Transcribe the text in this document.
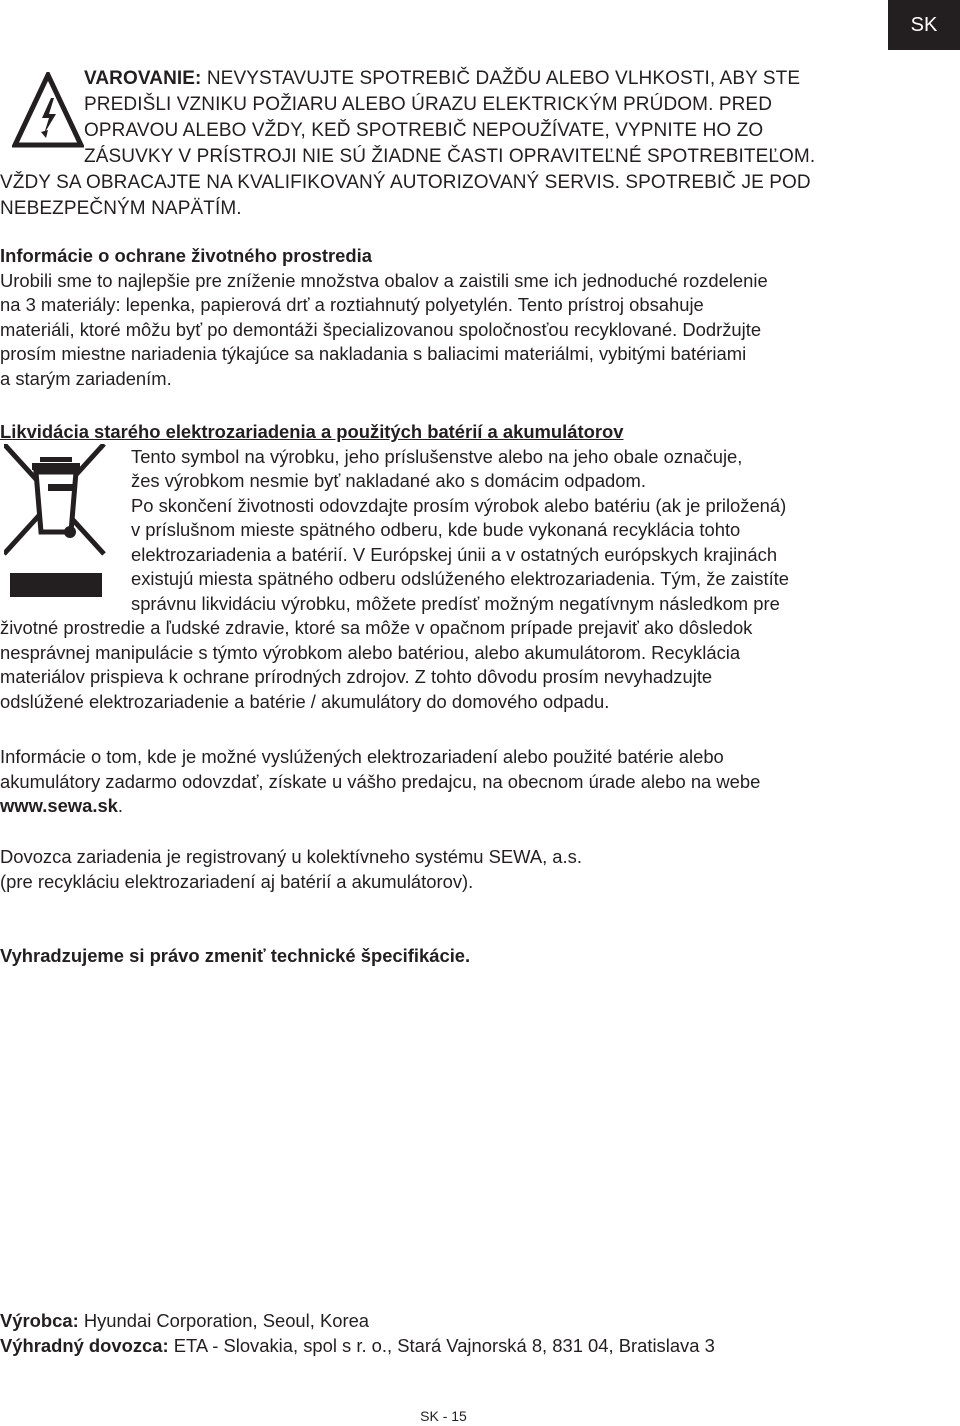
SK
VAROVANIE: NEVYSTAVUJTE SPOTREBIČ DAŽĎU ALEBO VLHKOSTI, ABY STE
PREDIŠLI VZNIKU POŽIARU ALEBO ÚRAZU ELEKTRICKÝM PRÚDOM. PRED
OPRAVOU ALEBO VŽDY, KEĎ SPOTREBIČ NEPOUŽÍVATE, VYPNITE HO ZO
ZÁSUVKY V PRÍSTROJI NIE SÚ ŽIADNE ČASTI OPRAVITEĽNÉ SPOTREBITEĽOM.
VŽDY SA OBRACAJTE NA KVALIFIKOVANÝ AUTORIZOVANÝ SERVIS. SPOTREBIČ JE POD
NEBEZPEČNÝM NAPÄTÍM.
Informácie o ochrane životného prostredia
Urobili sme to najlepšie pre zníženie množstva obalov a zaistili sme ich jednoduché rozdelenie
na 3 materiály: lepenka, papierová drť a roztiahnutý polyetylén. Tento prístroj obsahuje
materiáli, ktoré môžu byť po demontáži špecializovanou spoločnosťou recyklované. Dodržujte
prosím miestne nariadenia týkajúce sa nakladania s baliacimi materiálmi, vybitými batériami
a starým zariadením.
Likvidácia starého elektrozariadenia a použitých batérií a akumulátorov
Tento symbol na výrobku, jeho príslušenstve alebo na jeho obale označuje,
žes výrobkom nesmie byť nakladané ako s domácim odpadom.
Po skončení životnosti odovzdajte prosím výrobok alebo batériu (ak je priložená)
v príslušnom mieste spätného odberu, kde bude vykonaná recyklácia tohto
elektrozariadenia a batérií. V Európskej únii a v ostatných európskych krajinách
existujú miesta spätného odberu odslúženého elektrozariadenia. Tým, že zaistíte
správnu likvidáciu výrobku, môžete predísť možným negatívnym následkom pre
životné prostredie a ľudské zdravie, ktoré sa môže v opačnom prípade prejaviť ako dôsledok
nesprávnej manipulácie s týmto výrobkom alebo batériou, alebo akumulátorom. Recyklácia
materiálov prispieva k ochrane prírodných zdrojov. Z tohto dôvodu prosím nevyhadzujte
odslúžené elektrozariadenie a batérie / akumulátory do domového odpadu.
Informácie o tom, kde je možné vyslúžených elektrozariadení alebo použité batérie alebo
akumulátory zadarmo odovzdať, získate u vášho predajcu, na obecnom úrade alebo na webe
www.sewa.sk.
Dovozca zariadenia je registrovaný u kolektívneho systému SEWA, a.s.
(pre recykláciu elektrozariadení aj batérií a akumulátorov).
Vyhradzujeme si právo zmeniť technické špecifikácie.
Výrobca: Hyundai Corporation, Seoul, Korea
Výhradný dovozca: ETA - Slovakia, spol s r. o., Stará Vajnorská 8, 831 04, Bratislava 3
SK - 15
